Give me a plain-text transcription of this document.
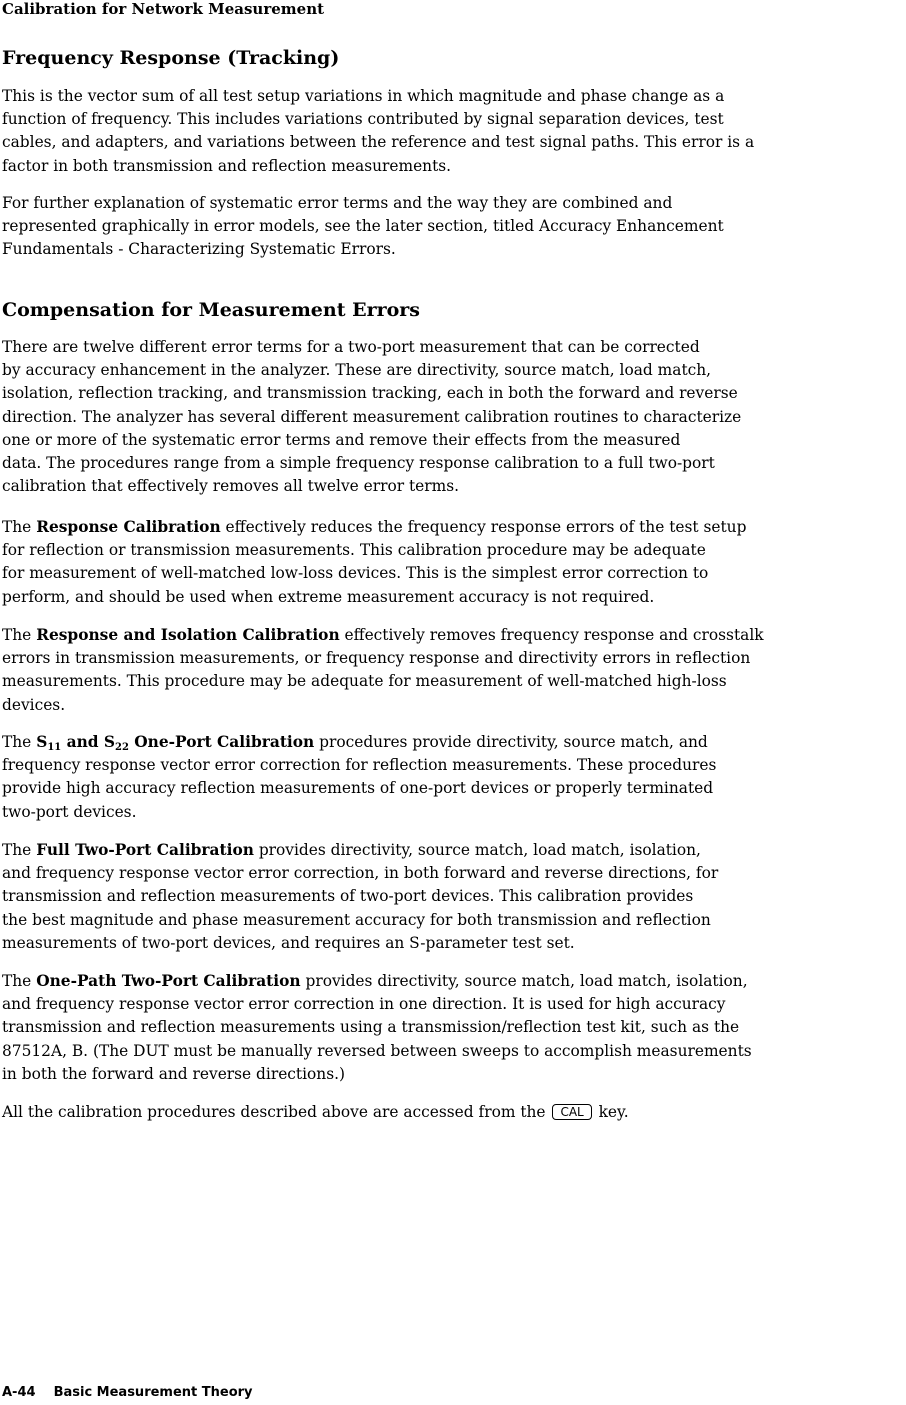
Calibration for Network Measurement
Frequency Response (Tracking)

This is the vector sum of all test setup variations in which magnitude and phase change as a
function of frequency. This includes variations contributed by signal separation devices, test
cables, and adapters, and variations between the reference and test signal paths. This error is a
factor in both transmission and reflection measurements.

For further explanation of systematic error terms and the way they are combined and
represented graphically in error models, see the later section, titled Accuracy Enhancement
Fundamentals - Characterizing Systematic Errors.

Compensation for Measurement Errors

There are twelve different error terms for a two-port measurement that can be corrected
by accuracy enhancement in the analyzer. These are directivity, source match, load match,
isolation, reflection tracking, and transmission tracking, each in both the forward and reverse
direction. The analyzer has several different measurement calibration routines to characterize
one or more of the systematic error terms and remove their effects from the measured
data. The procedures range from a simple frequency response calibration to a full two-port
calibration that effectively removes all twelve error terms.

The Response Calibration effectively reduces the frequency response errors of the test setup
for reflection or transmission measurements. This calibration procedure may be adequate
for measurement of well-matched low-loss devices. This is the simplest error correction to
perform, and should be used when extreme measurement accuracy is not required.

The Response and Isolation Calibration effectively removes frequency response and crosstalk
errors in transmission measurements, or frequency response and directivity errors in reflection
measurements. This procedure may be adequate for measurement of well-matched high-loss
devices.

The $S_{11}$ and $S_{22}$ One-Port Calibration procedures provide directivity, source match, and
frequency response vector error correction for reflection measurements. These procedures
provide high accuracy reflection measurements of one-port devices or properly terminated
two-port devices.

The Full Two-Port Calibration provides directivity, source match, load match, isolation,
and frequency response vector error correction, in both forward and reverse directions, for
transmission and reflection measurements of two-port devices. This calibration provides
the best magnitude and phase measurement accuracy for both transmission and reflection
measurements of two-port devices, and requires an S-parameter test set.

The One-Path Two-Port Calibration provides directivity, source match, load match, isolation,
and frequency response vector error correction in one direction. It is used for high accuracy
transmission and reflection measurements using a transmission/reflection test kit, such as the
87512A, B. (The DUT must be manually reversed between sweeps to accomplish measurements
in both the forward and reverse directions.)

All the calibration procedures described above are accessed from the CAL key.

A-44 Basic Measurement Theory
